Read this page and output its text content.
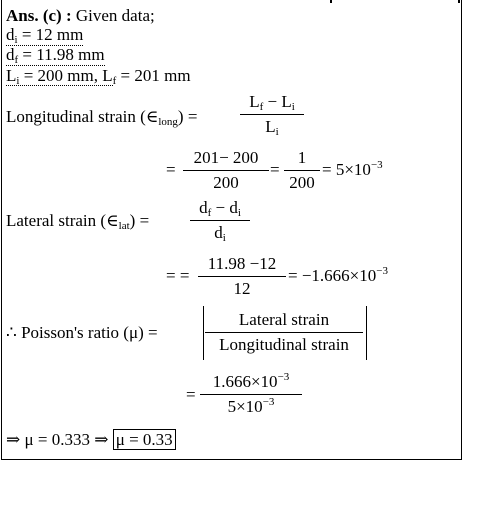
Ans. (c) : Given data;
$d_i = 12$ mm
$d_f = 11.98$ mm
$L_i = 200$ mm, $L_f = 201$ mm
Longitudinal strain $(\in_{long})$ =
$L_f - L_i$
$L_i$
=
201− 200
200
=
1
200
= $5\times 10^{-3}$
Lateral strain $(\in_{lat})$ =
$d_f - d_i$
$d_i$
= =
11.98 −12
12
= $-1.666\times 10^{-3}$
∴ Poisson's ratio (μ) =
Lateral strain
Longitudinal strain
=
$1.666\times 10^{-3}$
$5\times 10^{-3}$
⇒ μ = 0.333 ⇒ μ = 0.33
